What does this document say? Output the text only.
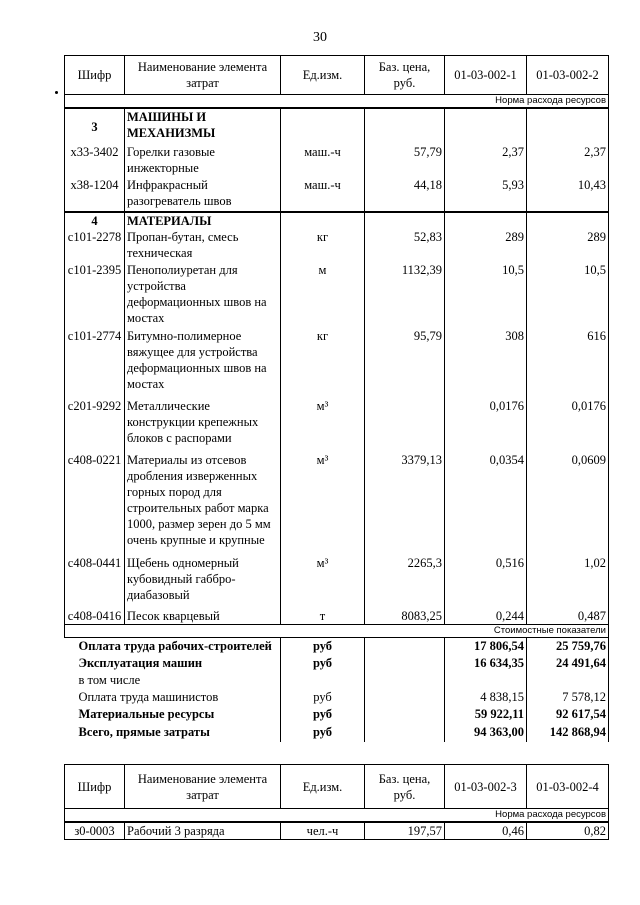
30
Шифр	Наименование элемента затрат	Ед.изм.	Баз. цена, руб.	01-03-002-1	01-03-002-2
Норма расхода ресурсов					
3	МАШИНЫ И МЕХАНИЗМЫ				
х33-3402	Горелки газовые инжекторные	маш.-ч	57,79	2,37	2,37
х38-1204	Инфракрасный разогреватель швов	маш.-ч	44,18	5,93	10,43
4	МАТЕРИАЛЫ				
с101-2278	Пропан-бутан, смесь техническая	кг	52,83	289	289
с101-2395	Пенополиуретан для устройства деформационных швов на мостах	м	1132,39	10,5	10,5
с101-2774	Битумно-полимерное вяжущее для устройства деформационных швов на мостах	кг	95,79	308	616
с201-9292	Металлические конструкции крепежных блоков с распорами	м³		0,0176	0,0176
с408-0221	Материалы из отсевов дробления изверженных горных пород для строительных работ марка 1000, размер зерен до 5 мм очень крупные и крупные	м³	3379,13	0,0354	0,0609
с408-0441	Щебень одномерный кубовидный габбро-диабазовый	м³	2265,3	0,516	1,02
с408-0416	Песок кварцевый	т	8083,25	0,244	0,487
Стоимостные показатели					
Оплата труда рабочих-строителей		руб		17 806,54	25 759,76
Эксплуатация машин		руб		16 634,35	24 491,64
в том числе					
Оплата труда машинистов		руб		4 838,15	7 578,12
Материальные ресурсы		руб		59 922,11	92 617,54
Всего, прямые затраты		руб		94 363,00	142 868,94
Шифр	Наименование элемента затрат	Ед.изм.	Баз. цена, руб.	01-03-002-3	01-03-002-4
Норма расхода ресурсов					
з0-0003	Рабочий 3 разряда	чел.-ч	197,57	0,46	0,82
